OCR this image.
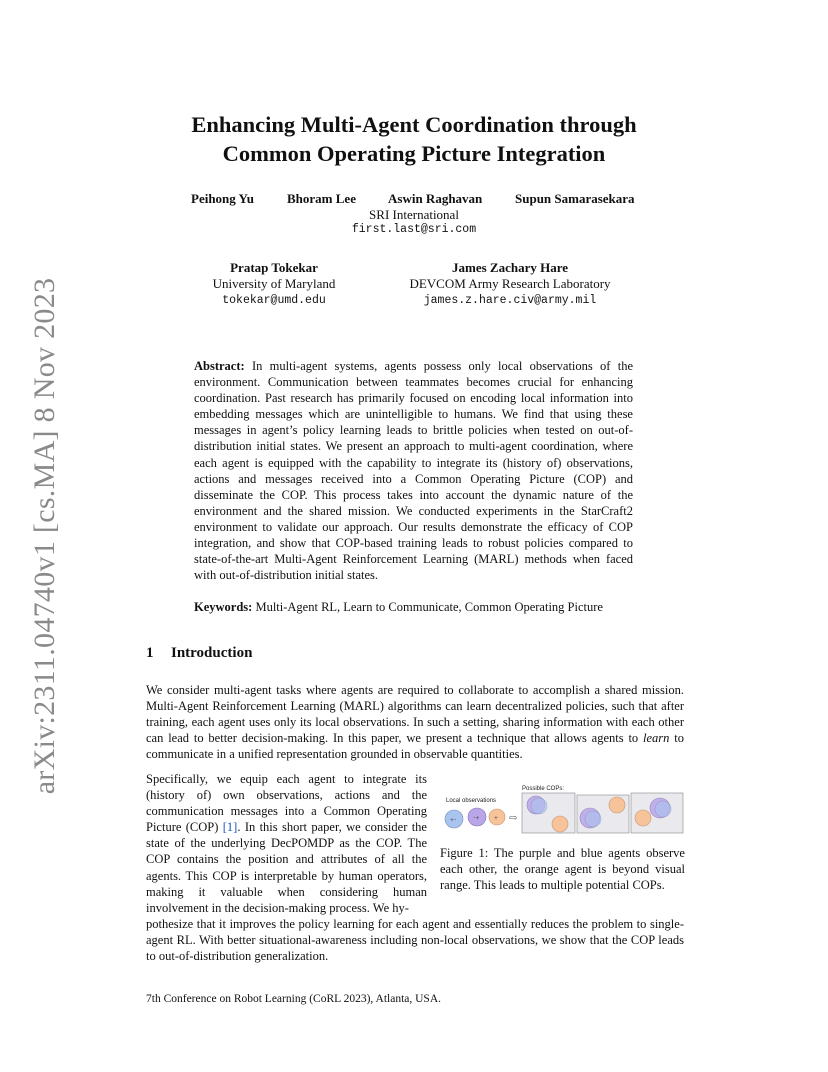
arXiv:2311.04740v1 [cs.MA] 8 Nov 2023
Enhancing Multi-Agent Coordination through
Common Operating Picture Integration
Peihong Yu	Bhoram Lee Aswin Raghavan	Supun Samarasekara
SRI International
first.last@sri.com
Pratap Tokekar
University of Maryland
tokekar@umd.edu
James Zachary Hare
DEVCOM Army Research Laboratory
james.z.hare.civ@army.mil
Abstract: In multi-agent systems, agents possess only local observations of the environment. Communication between teammates becomes crucial for enhancing coordination. Past research has primarily focused on encoding local information into embedding messages which are unintelligible to humans. We find that using these messages in agent’s policy learning leads to brittle policies when tested on out-of-distribution initial states. We present an approach to multi-agent coordination, where each agent is equipped with the capability to integrate its (history of) observations, actions and messages received into a Common Operating Picture (COP) and disseminate the COP. This process takes into account the dynamic nature of the environment and the shared mission. We conducted experiments in the StarCraft2 environment to validate our approach. Our results demonstrate the efficacy of COP integration, and show that COP-based training leads to robust policies compared to state-of-the-art Multi-Agent Reinforcement Learning (MARL) methods when faced with out-of-distribution initial states.
Keywords: Multi-Agent RL, Learn to Communicate, Common Operating Picture
1 Introduction
We consider multi-agent tasks where agents are required to collaborate to accomplish a shared mission. Multi-Agent Reinforcement Learning (MARL) algorithms can learn decentralized policies, such that after training, each agent uses only its local observations. In such a setting, sharing information with each other can lead to better decision-making. In this paper, we present a technique that allows agents to learn to communicate in a unified representation grounded in observable quantities.
Specifically, we equip each agent to integrate its (history of) own observations, actions and the communication messages into a Common Operating Picture (COP) [1]. In this short paper, we consider the state of the underlying DecPOMDP as the COP. The COP contains the position and attributes of all the agents. This COP is interpretable by human operators, making it valuable when considering human involvement in the decision-making process. We hy-
pothesize that it improves the policy learning for each agent and essentially reduces the problem to single-agent RL. With better situational-awareness including non-local observations, we show that the COP leads to out-of-distribution generalization.
Local observations
Possible COPs:
+· ·+ + ⇨
Figure 1: The purple and blue agents observe each other, the orange agent is beyond visual range. This leads to multiple potential COPs.
7th Conference on Robot Learning (CoRL 2023), Atlanta, USA.
